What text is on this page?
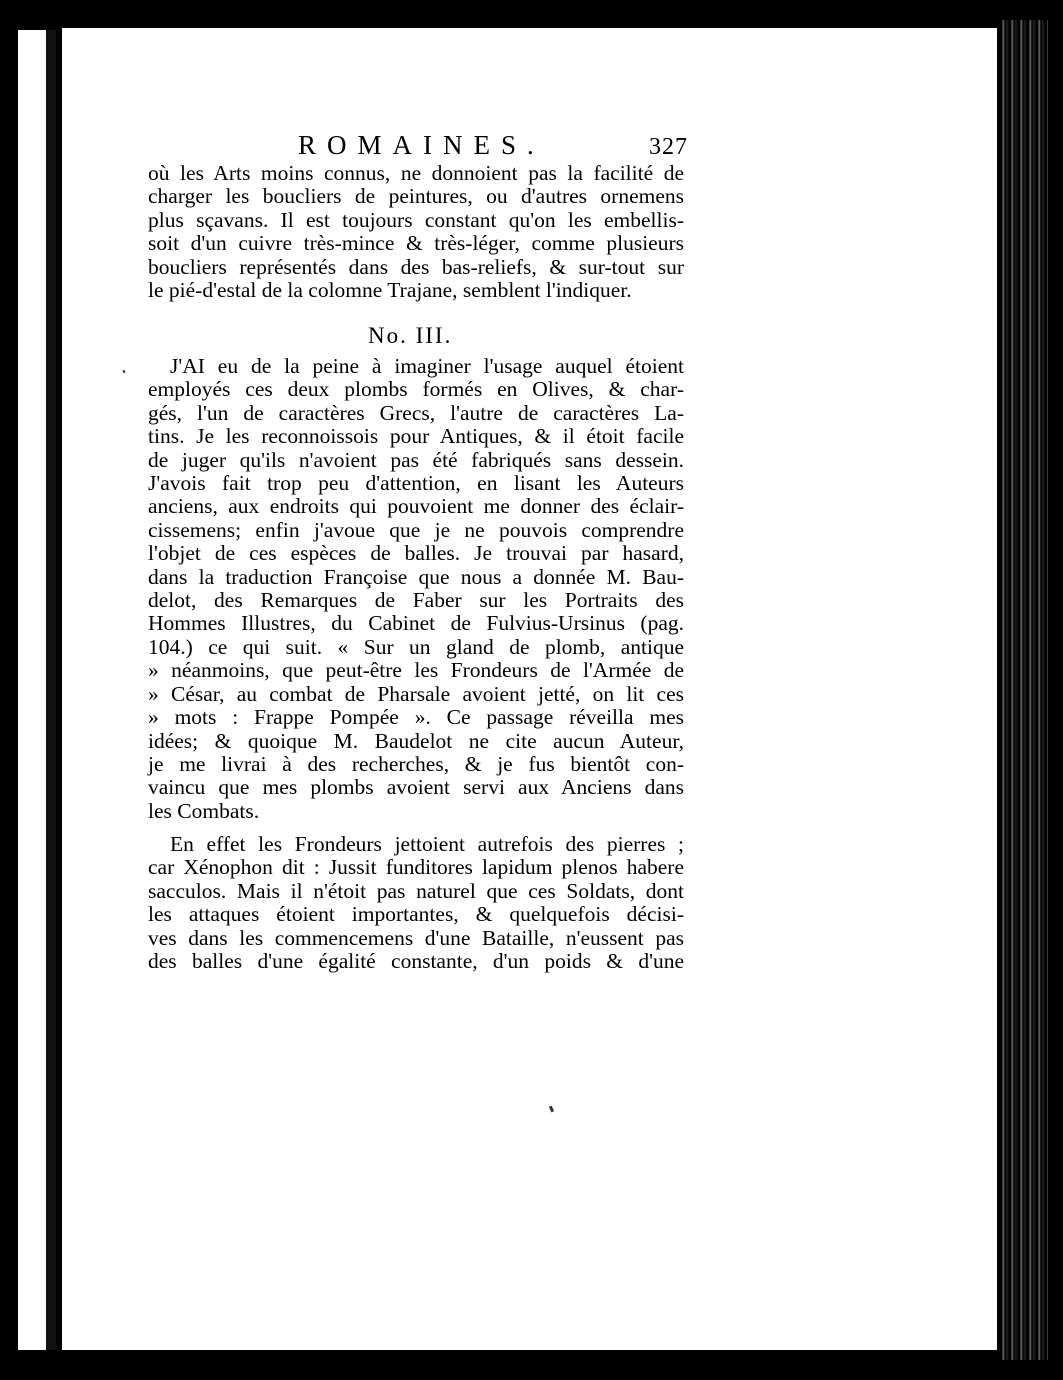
ROMAINES.	327
où les Arts moins connus, ne donnoient pas la facilité de
charger les boucliers de peintures, ou d'autres ornemens
plus sçavans. Il est toujours constant qu'on les embellis-
soit d'un cuivre très-mince & très-léger, comme plusieurs
boucliers représentés dans des bas-reliefs, & sur-tout sur
le pié-d'estal de la colomne Trajane, semblent l'indiquer.
No. III.
J'AI eu de la peine à imaginer l'usage auquel étoient
employés ces deux plombs formés en Olives, & char-
gés, l'un de caractères Grecs, l'autre de caractères La-
tins. Je les reconnoissois pour Antiques, & il étoit facile
de juger qu'ils n'avoient pas été fabriqués sans dessein.
J'avois fait trop peu d'attention, en lisant les Auteurs
anciens, aux endroits qui pouvoient me donner des éclair-
cissemens; enfin j'avoue que je ne pouvois comprendre
l'objet de ces espèces de balles. Je trouvai par hasard,
dans la traduction Françoise que nous a donnée M. Bau-
delot, des Remarques de Faber sur les Portraits des
Hommes Illustres, du Cabinet de Fulvius-Ursinus (pag.
104.) ce qui suit. « Sur un gland de plomb, antique
» néanmoins, que peut-être les Frondeurs de l'Armée de
» César, au combat de Pharsale avoient jetté, on lit ces
» mots : Frappe Pompée ». Ce passage réveilla mes
idées; & quoique M. Baudelot ne cite aucun Auteur,
je me livrai à des recherches, & je fus bientôt con-
vaincu que mes plombs avoient servi aux Anciens dans
les Combats.
En effet les Frondeurs jettoient autrefois des pierres ;
car Xénophon dit : Jussit funditores lapidum plenos habere
sacculos. Mais il n'étoit pas naturel que ces Soldats, dont
les attaques étoient importantes, & quelquefois décisi-
ves dans les commencemens d'une Bataille, n'eussent pas
des balles d'une égalité constante, d'un poids & d'une
